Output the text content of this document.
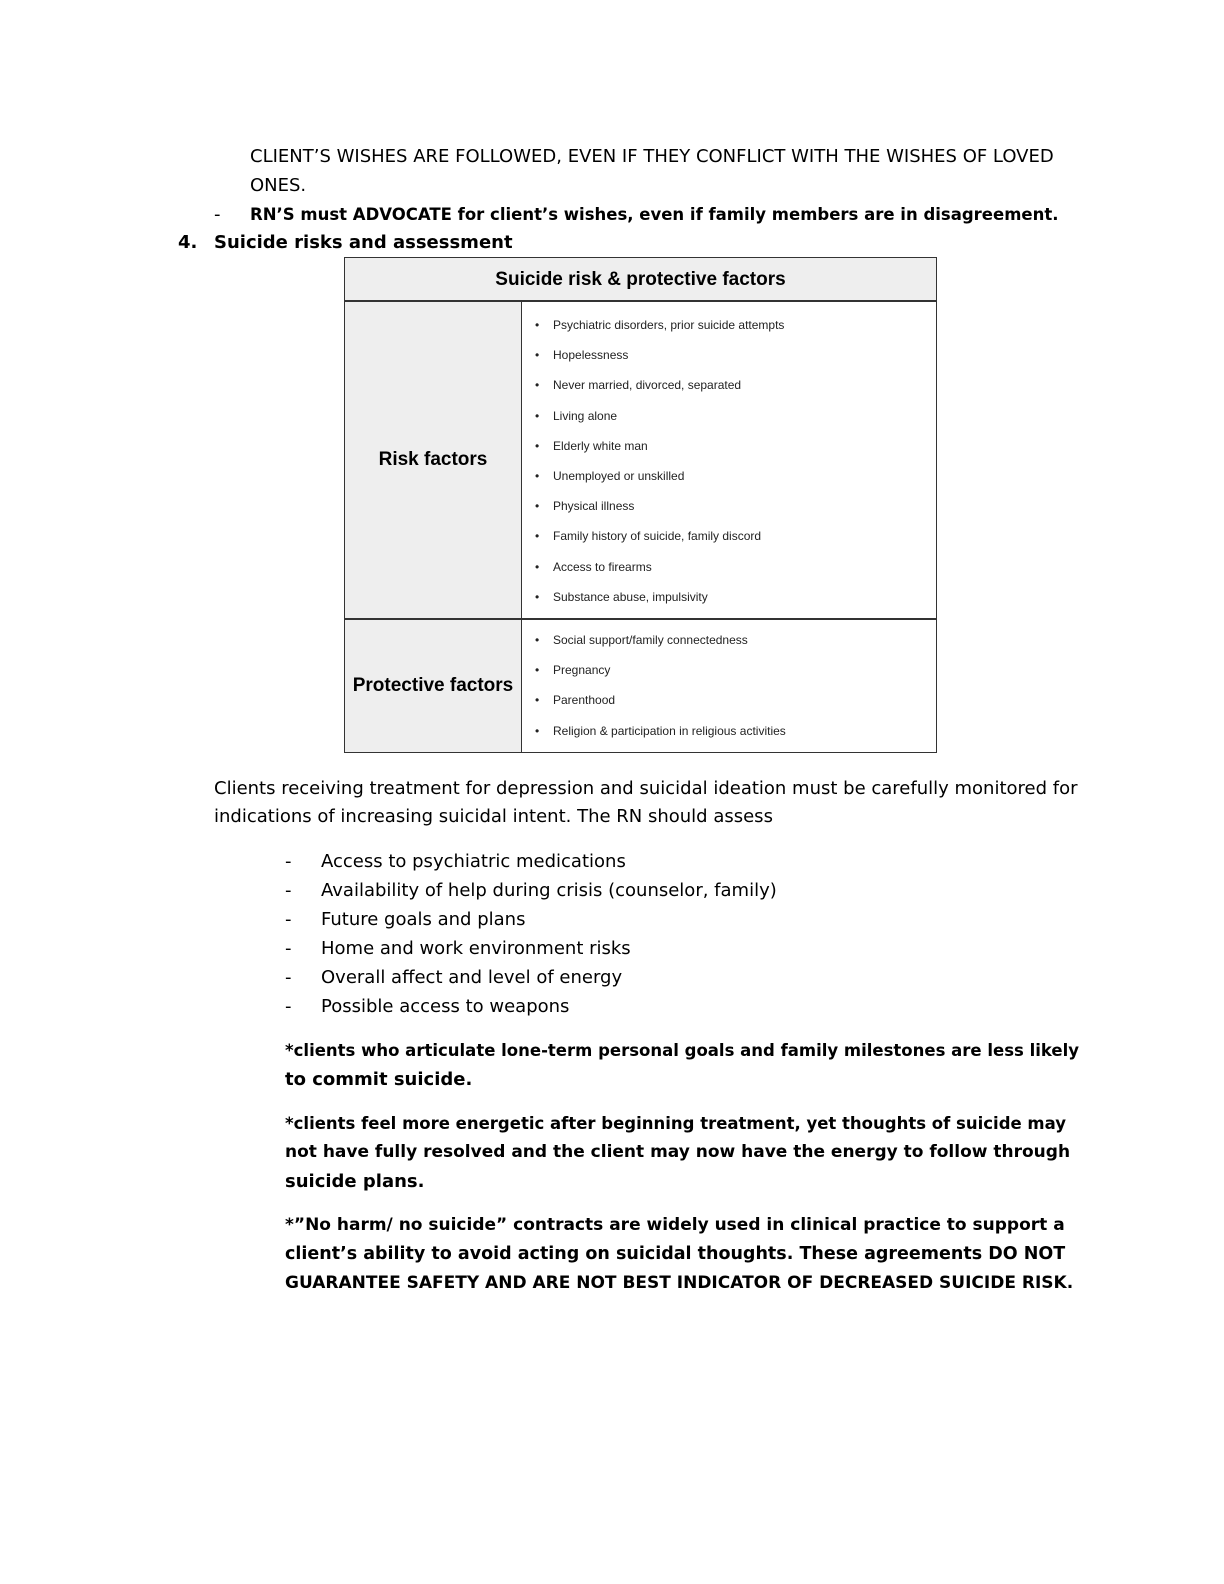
CLIENT’S WISHES ARE FOLLOWED, EVEN IF THEY CONFLICT WITH THE WISHES OF LOVED
ONES.
- RN’S must ADVOCATE for client’s wishes, even if family members are in disagreement.
4. Suicide risks and assessment
Suicide risk & protective factors
Risk factors
• Psychiatric disorders, prior suicide attempts
• Hopelessness
• Never married, divorced, separated
• Living alone
• Elderly white man
• Unemployed or unskilled
• Physical illness
• Family history of suicide, family discord
• Access to firearms
• Substance abuse, impulsivity
Protective factors
• Social support/family connectedness
• Pregnancy
• Parenthood
• Religion & participation in religious activities
Clients receiving treatment for depression and suicidal ideation must be carefully monitored for
indications of increasing suicidal intent. The RN should assess
- Access to psychiatric medications
- Availability of help during crisis (counselor, family)
- Future goals and plans
- Home and work environment risks
- Overall affect and level of energy
- Possible access to weapons
*clients who articulate lone-term personal goals and family milestones are less likely
to commit suicide.
*clients feel more energetic after beginning treatment, yet thoughts of suicide may
not have fully resolved and the client may now have the energy to follow through
suicide plans.
*”No harm/ no suicide” contracts are widely used in clinical practice to support a
client’s ability to avoid acting on suicidal thoughts. These agreements DO NOT
GUARANTEE SAFETY AND ARE NOT BEST INDICATOR OF DECREASED SUICIDE RISK.
